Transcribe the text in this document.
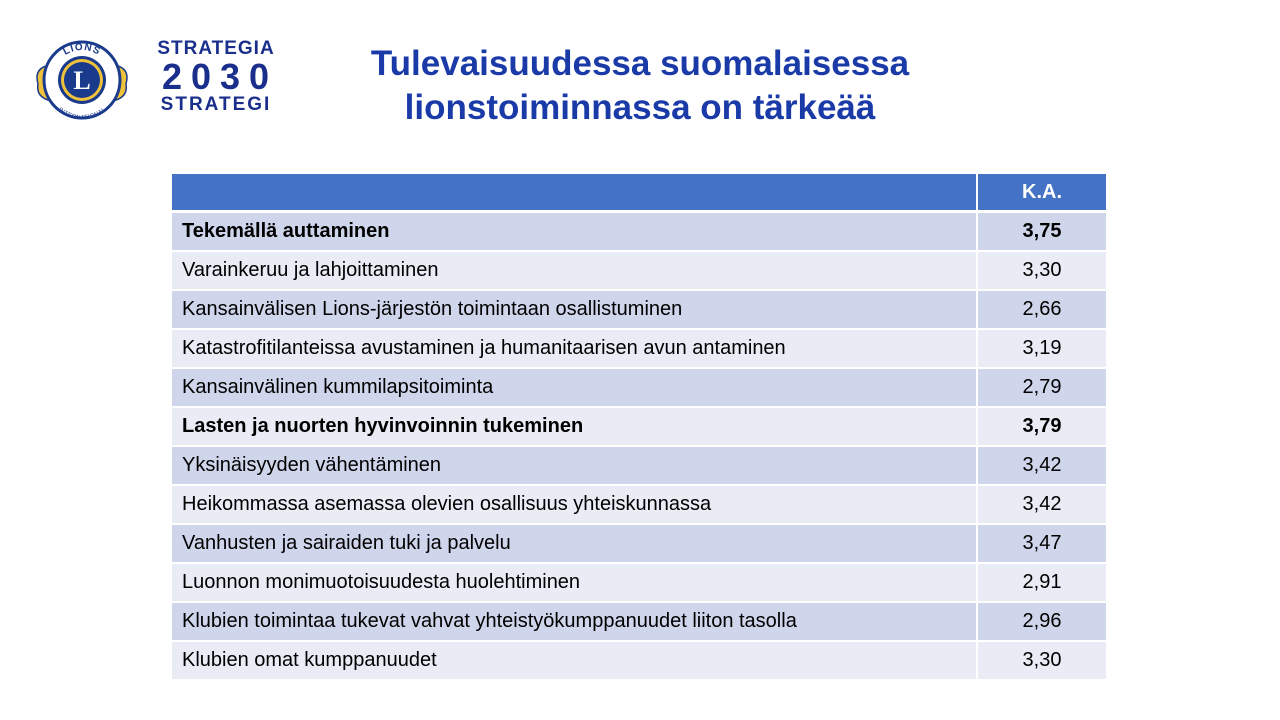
L
LIONS
INTERNATIONAL
STRATEGIA
2030
STRATEGI
Tulevaisuudessa suomalaisessa
lionstoiminnassa on tärkeää
	K.A.
Tekemällä auttaminen	3,75
Varainkeruu ja lahjoittaminen	3,30
Kansainvälisen Lions-järjestön toimintaan osallistuminen	2,66
Katastrofitilanteissa avustaminen ja humanitaarisen avun antaminen	3,19
Kansainvälinen kummilapsitoiminta	2,79
Lasten ja nuorten hyvinvoinnin tukeminen	3,79
Yksinäisyyden vähentäminen	3,42
Heikommassa asemassa olevien osallisuus yhteiskunnassa	3,42
Vanhusten ja sairaiden tuki ja palvelu	3,47
Luonnon monimuotoisuudesta huolehtiminen	2,91
Klubien toimintaa tukevat vahvat yhteistyökumppanuudet liiton tasolla	2,96
Klubien omat kumppanuudet	3,30
